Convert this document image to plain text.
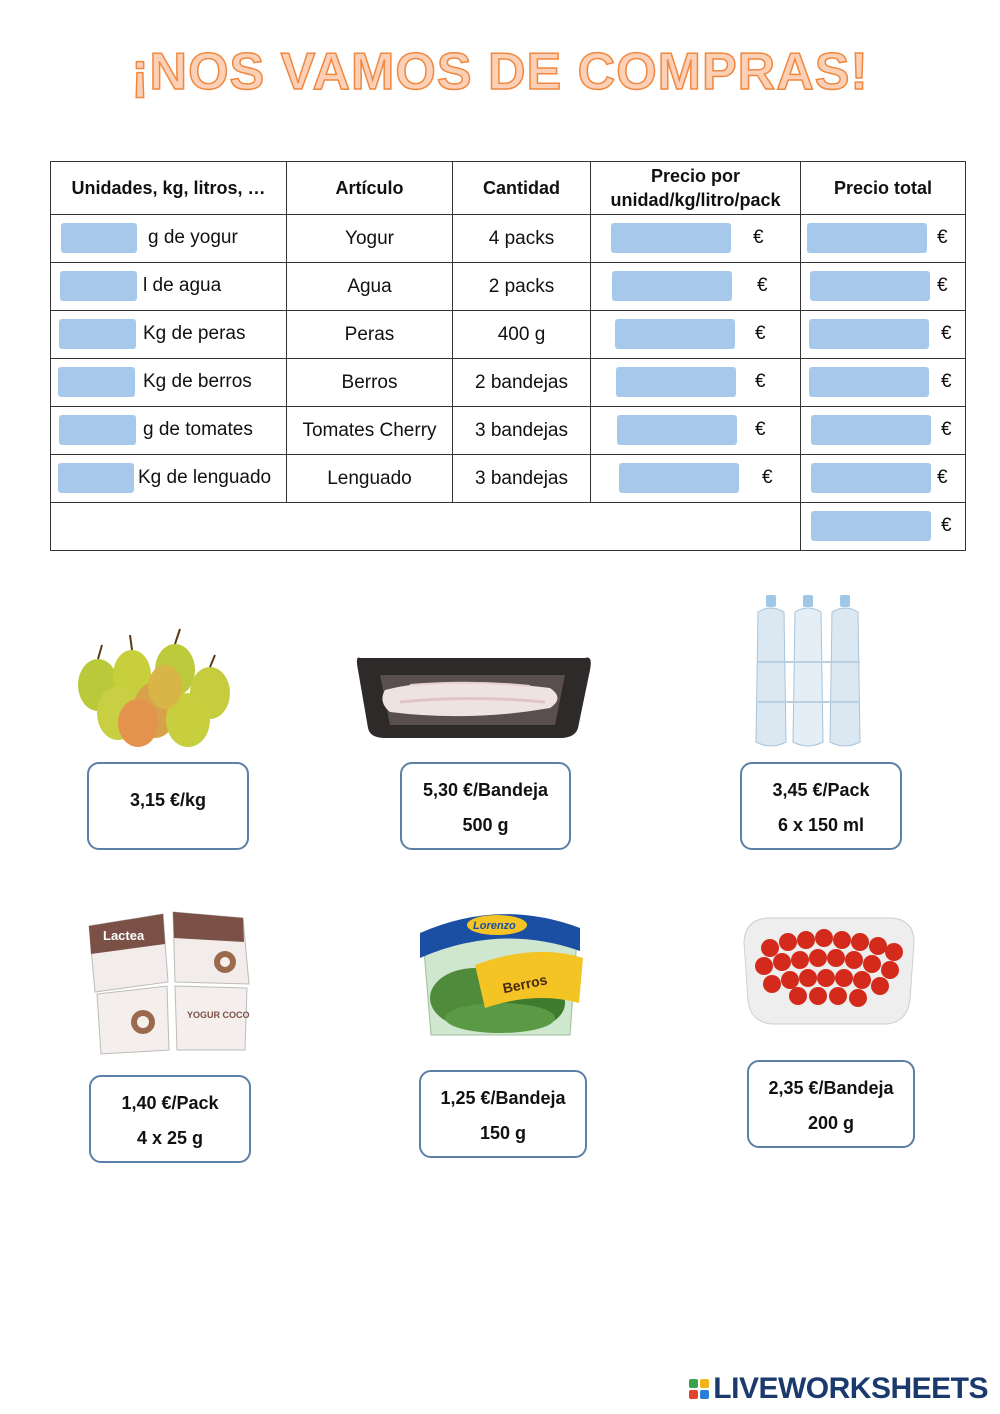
¡NOS VAMOS DE COMPRAS!
Unidades, kg, litros, …	Artículo	Cantidad	Precio por
unidad/kg/litro/pack	Precio total

g de yogur	Yogur	4 packs	€	€

l de agua	Agua	2 packs	€	€

Kg de peras	Peras	400 g	€	€

Kg de berros	Berros	2 bandejas	€	€

g de tomates	Tomates Cherry	3 bandejas	€	€

Kg de lenguado	Lenguado	3 bandejas	€	€

				€
3,15 €/kg	5,30 €/Bandeja
500 g
3,45 €/Pack
6 x 150 ml
Lactea
YOGUR COCO
1,40 €/Pack
4 x 25 g
Berros
Lorenzo
1,25 €/Bandeja
150 g
2,35 €/Bandeja
200 g
LIVEWORKSHEETS
